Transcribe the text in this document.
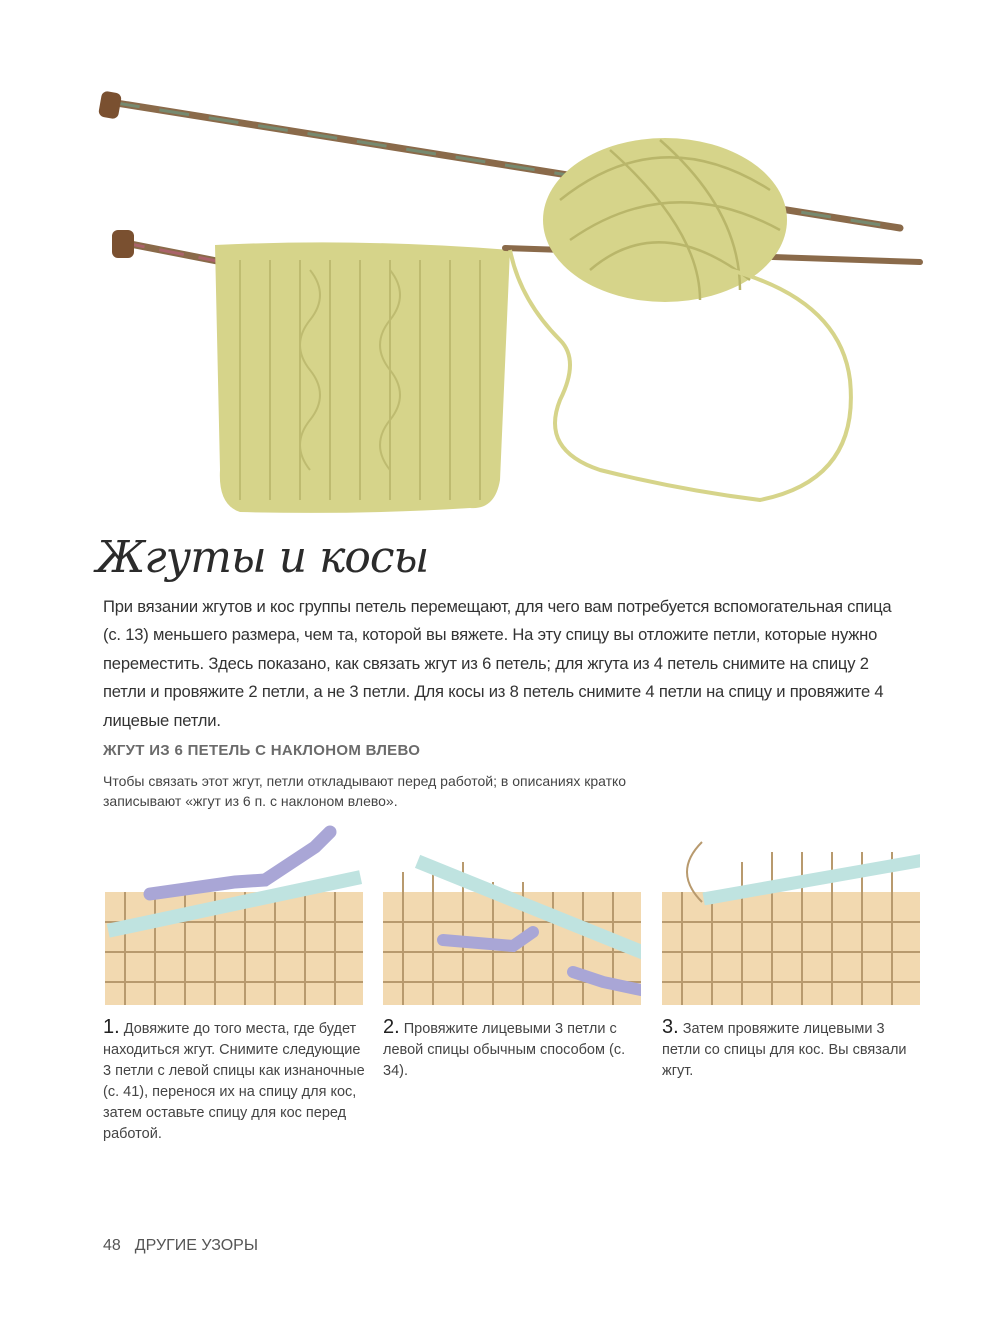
Жгуты и косы
При вязании жгутов и кос группы петель перемещают, для чего вам потребуется вспомогательная спица (с. 13) меньшего размера, чем та, которой вы вяжете. На эту спицу вы отложите петли, которые нужно переместить. Здесь показано, как связать жгут из 6 петель; для жгута из 4 петель снимите на спицу 2 петли и провяжите 2 петли, а не 3 петли. Для косы из 8 петель снимите 4 петли на спицу и провяжите 4 лицевые петли.
ЖГУТ ИЗ 6 ПЕТЕЛЬ С НАКЛОНОМ ВЛЕВО
Чтобы связать этот жгут, петли откладывают перед работой; в описаниях кратко записывают «жгут из 6 п. с наклоном влево».
1. Довяжите до того места, где будет находиться жгут. Снимите следующие 3 петли с левой спицы как изнаночные (с. 41), перенося их на спицу для кос, затем оставьте спицу для кос перед работой.
2. Провяжите лицевыми 3 петли с левой спицы обычным способом (с. 34).
3. Затем провяжите лицевыми 3 петли со спицы для кос. Вы связали жгут.
48 ДРУГИЕ УЗОРЫ
